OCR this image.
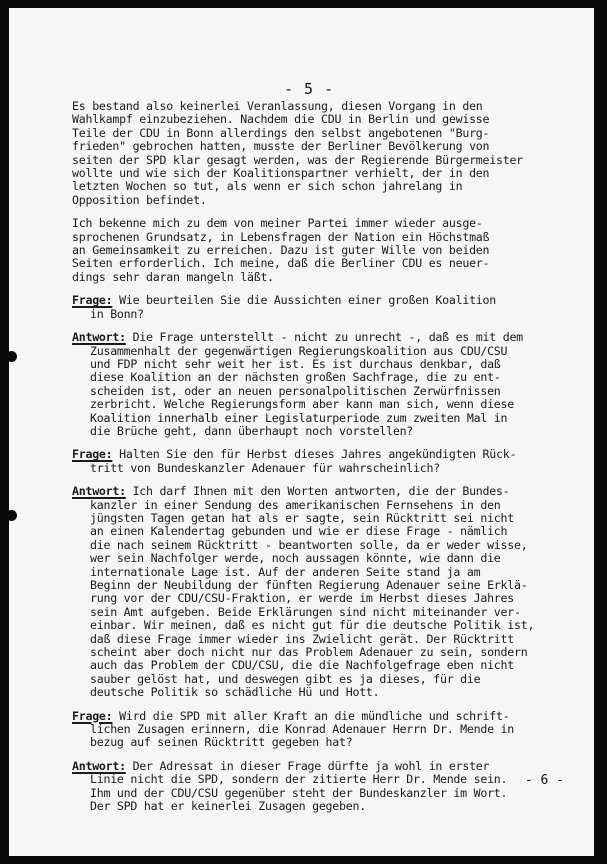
- 5 -
Es bestand also keinerlei Veranlassung, diesen Vorgang in den
Wahlkampf einzubeziehen. Nachdem die CDU in Berlin und gewisse
Teile der CDU in Bonn allerdings den selbst angebotenen "Burg-
frieden" gebrochen hatten, musste der Berliner Bevölkerung von
seiten der SPD klar gesagt werden, was der Regierende Bürgermeister
wollte und wie sich der Koalitionspartner verhielt, der in den
letzten Wochen so tut, als wenn er sich schon jahrelang in
Opposition befindet.
Ich bekenne mich zu dem von meiner Partei immer wieder ausge-
sprochenen Grundsatz, in Lebensfragen der Nation ein Höchstmaß
an Gemeinsamkeit zu erreichen. Dazu ist guter Wille von beiden
Seiten erforderlich. Ich meine, daß die Berliner CDU es neuer-
dings sehr daran mangeln läßt.
Frage: Wie beurteilen Sie die Aussichten einer großen Koalition
in Bonn?
Antwort: Die Frage unterstellt - nicht zu unrecht -, daß es mit dem
Zusammenhalt der gegenwärtigen Regierungskoalition aus CDU/CSU
und FDP nicht sehr weit her ist. Es ist durchaus denkbar, daß
diese Koalition an der nächsten großen Sachfrage, die zu ent-
scheiden ist, oder an neuen personalpolitischen Zerwürfnissen
zerbricht. Welche Regierungsform aber kann man sich, wenn diese
Koalition innerhalb einer Legislaturperiode zum zweiten Mal in
die Brüche geht, dann überhaupt noch vorstellen?
Frage: Halten Sie den für Herbst dieses Jahres angekündigten Rück-
tritt von Bundeskanzler Adenauer für wahrscheinlich?
Antwort: Ich darf Ihnen mit den Worten antworten, die der Bundes-
kanzler in einer Sendung des amerikanischen Fernsehens in den
jüngsten Tagen getan hat als er sagte, sein Rücktritt sei nicht
an einen Kalendertag gebunden und wie er diese Frage - nämlich
die nach seinem Rücktritt - beantworten solle, da er weder wisse,
wer sein Nachfolger werde, noch aussagen könnte, wie dann die
internationale Lage ist. Auf der anderen Seite stand ja am
Beginn der Neubildung der fünften Regierung Adenauer seine Erklä-
rung vor der CDU/CSU-Fraktion, er werde im Herbst dieses Jahres
sein Amt aufgeben. Beide Erklärungen sind nicht miteinander ver-
einbar. Wir meinen, daß es nicht gut für die deutsche Politik ist,
daß diese Frage immer wieder ins Zwielicht gerät. Der Rücktritt
scheint aber doch nicht nur das Problem Adenauer zu sein, sondern
auch das Problem der CDU/CSU, die die Nachfolgefrage eben nicht
sauber gelöst hat, und deswegen gibt es ja dieses, für die
deutsche Politik so schädliche Hü und Hott.
Frage: Wird die SPD mit aller Kraft an die mündliche und schrift-
lichen Zusagen erinnern, die Konrad Adenauer Herrn Dr. Mende in
bezug auf seinen Rücktritt gegeben hat?
Antwort: Der Adressat in dieser Frage dürfte ja wohl in erster
Linie nicht die SPD, sondern der zitierte Herr Dr. Mende sein.
Ihm und der CDU/CSU gegenüber steht der Bundeskanzler im Wort.
Der SPD hat er keinerlei Zusagen gegeben.
- 6 -
